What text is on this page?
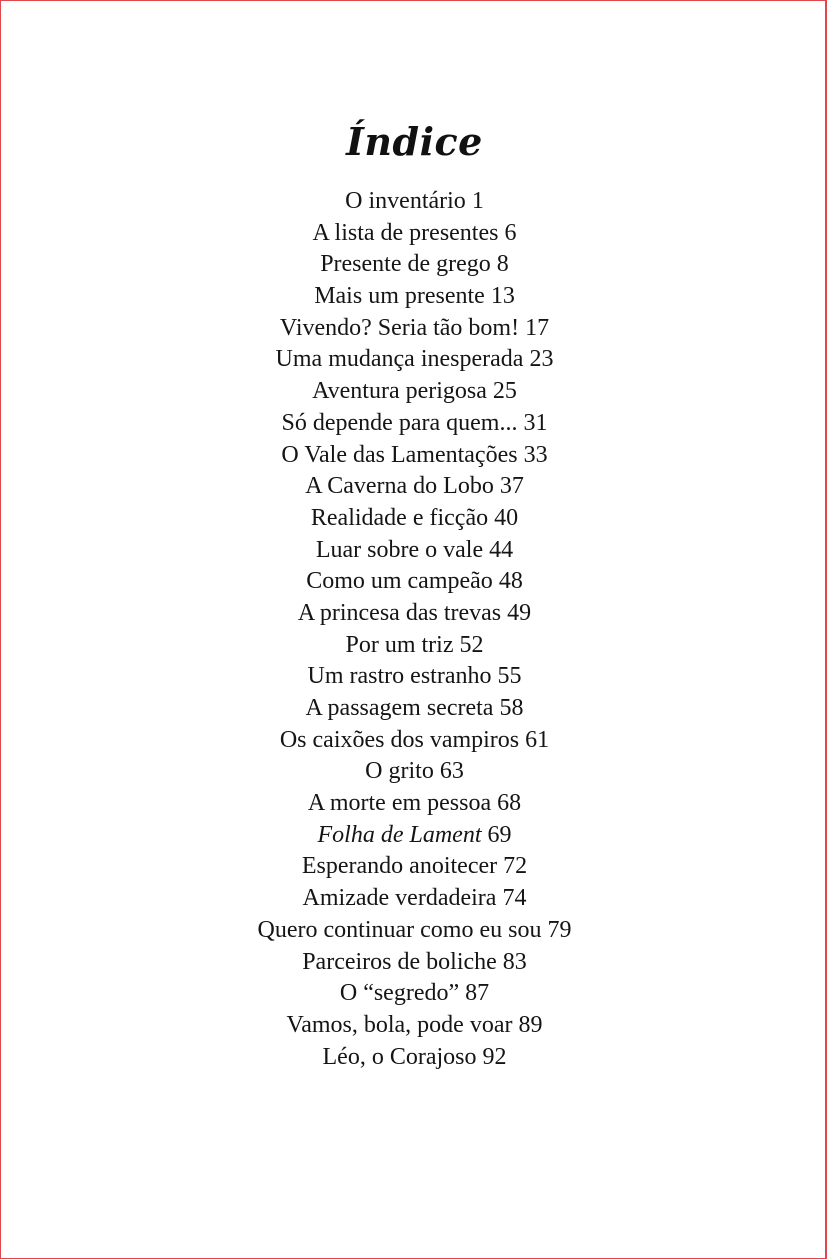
Índice
O inventário 1
A lista de presentes 6
Presente de grego 8
Mais um presente 13
Vivendo? Seria tão bom! 17
Uma mudança inesperada 23
Aventura perigosa 25
Só depende para quem... 31
O Vale das Lamentações 33
A Caverna do Lobo 37
Realidade e ficção 40
Luar sobre o vale 44
Como um campeão 48
A princesa das trevas 49
Por um triz 52
Um rastro estranho 55
A passagem secreta 58
Os caixões dos vampiros 61
O grito 63
A morte em pessoa 68
Folha de Lament 69
Esperando anoitecer 72
Amizade verdadeira 74
Quero continuar como eu sou 79
Parceiros de boliche 83
O “segredo” 87
Vamos, bola, pode voar 89
Léo, o Corajoso 92
